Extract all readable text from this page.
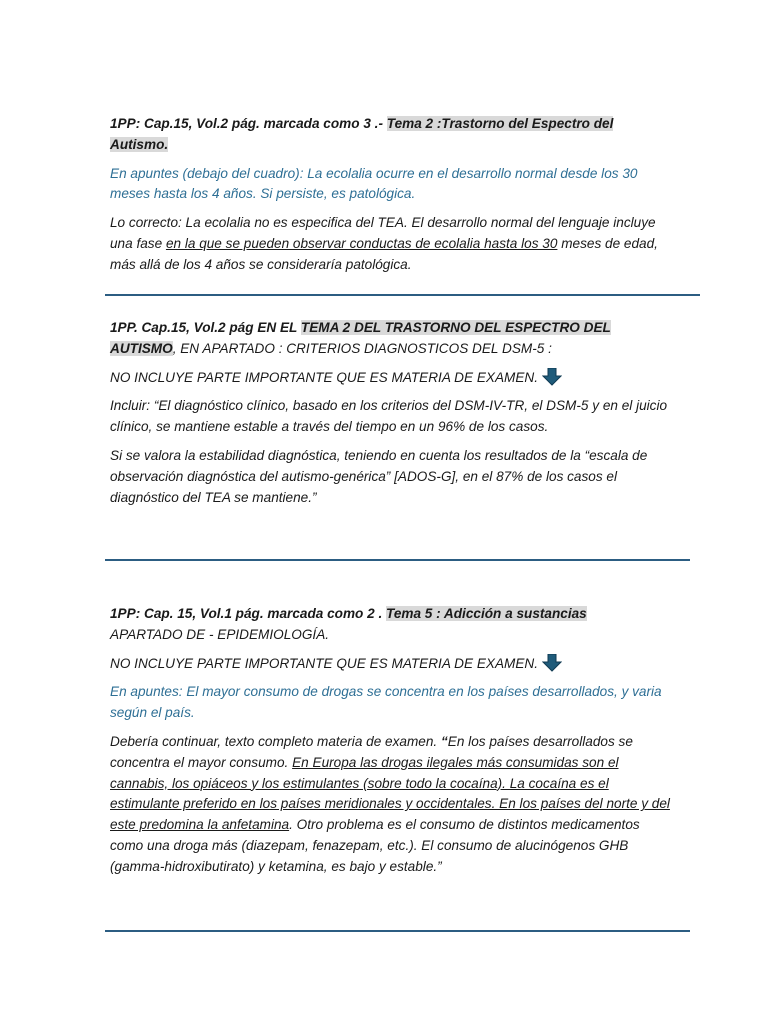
1PP: Cap.15, Vol.2 pág. marcada como 3 .- Tema 2 :Trastorno del Espectro del Autismo.

En apuntes (debajo del cuadro): La ecolalia ocurre en el desarrollo normal desde los 30 meses hasta los 4 años. Si persiste, es patológica.

Lo correcto: La ecolalia no es especifica del TEA. El desarrollo normal del lenguaje incluye una fase en la que se pueden observar conductas de ecolalia hasta los 30 meses de edad, más allá de los 4 años se consideraría patológica.

1PP. Cap.15, Vol.2 pág EN EL TEMA 2 DEL TRASTORNO DEL ESPECTRO DEL AUTISMO, EN APARTADO : CRITERIOS DIAGNOSTICOS DEL DSM-5 :

NO INCLUYE PARTE IMPORTANTE QUE ES MATERIA DE EXAMEN.

Incluir: “El diagnóstico clínico, basado en los criterios del DSM-IV-TR, el DSM-5 y en el juicio clínico, se mantiene estable a través del tiempo en un 96% de los casos.

Si se valora la estabilidad diagnóstica, teniendo en cuenta los resultados de la “escala de observación diagnóstica del autismo-genérica” [ADOS-G], en el 87% de los casos el diagnóstico del TEA se mantiene.”

1PP: Cap. 15, Vol.1 pág. marcada como 2 . Tema 5 : Adicción a sustancias
APARTADO DE - EPIDEMIOLOGÍA.

NO INCLUYE PARTE IMPORTANTE QUE ES MATERIA DE EXAMEN.

En apuntes: El mayor consumo de drogas se concentra en los países desarrollados, y varia según el país.

Debería continuar, texto completo materia de examen. “En los países desarrollados se concentra el mayor consumo. En Europa las drogas ilegales más consumidas son el cannabis, los opiáceos y los estimulantes (sobre todo la cocaína). La cocaína es el estimulante preferido en los países meridionales y occidentales. En los países del norte y del este predomina la anfetamina. Otro problema es el consumo de distintos medicamentos como una droga más (diazepam, fenazepam, etc.). El consumo de alucinógenos GHB (gamma-hidroxibutirato) y ketamina, es bajo y estable.”
